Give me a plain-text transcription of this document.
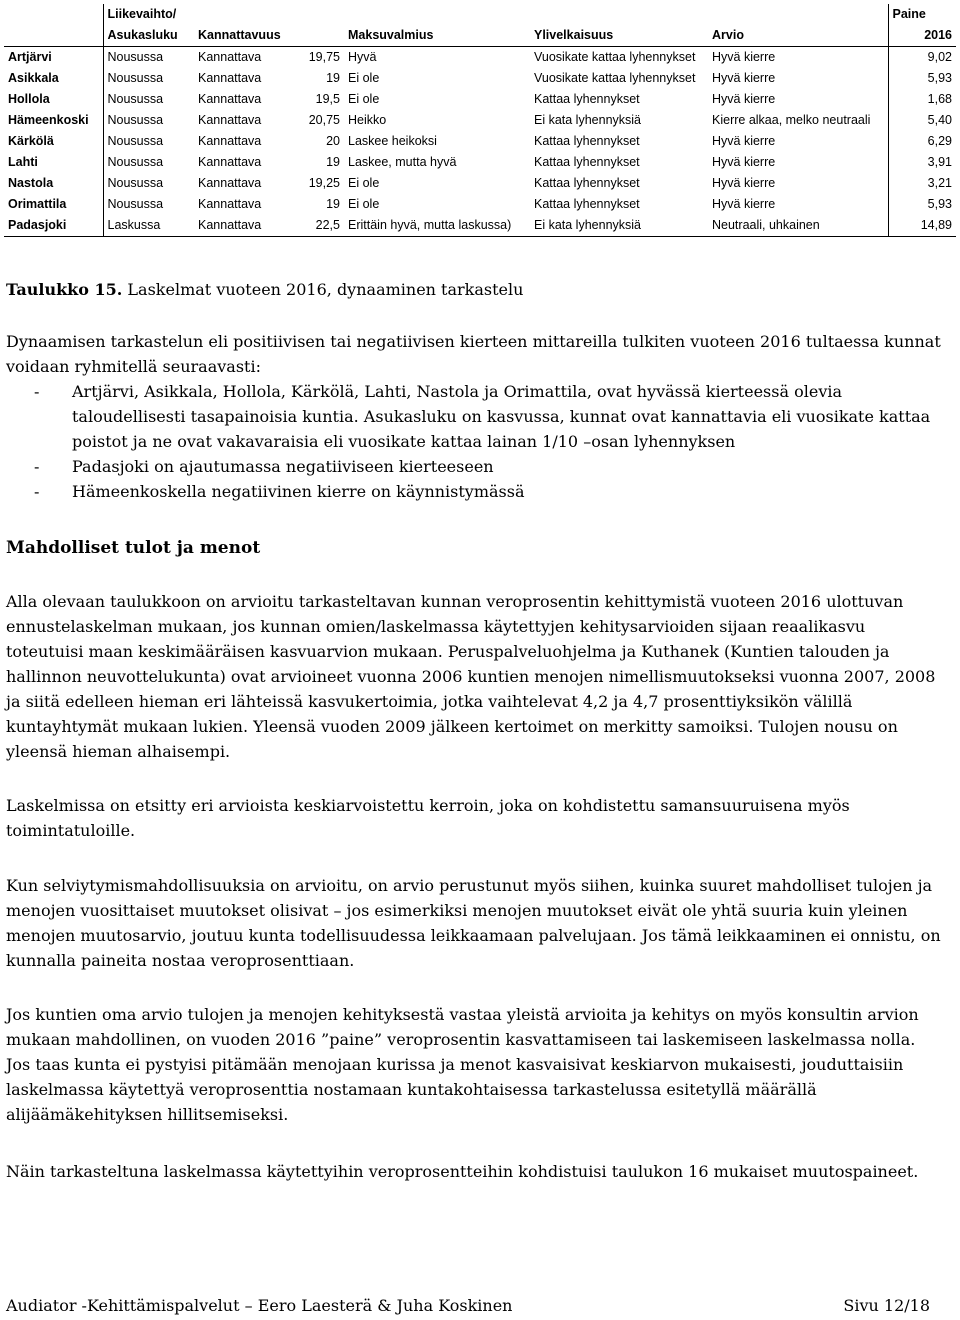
	Liikevaihto/						Paine
	Asukasluku	Kannattavuus		Maksuvalmius	Ylivelkaisuus	Arvio	2016
Artjärvi	Nousussa	Kannattava	19,75	Hyvä	Vuosikate kattaa lyhennykset	Hyvä kierre	9,02
Asikkala	Nousussa	Kannattava	19	Ei ole	Vuosikate kattaa lyhennykset	Hyvä kierre	5,93
Hollola	Nousussa	Kannattava	19,5	Ei ole	Kattaa lyhennykset	Hyvä kierre	1,68
Hämeenkoski	Nousussa	Kannattava	20,75	Heikko	Ei kata lyhennyksiä	Kierre alkaa, melko neutraali	5,40
Kärkölä	Nousussa	Kannattava	20	Laskee heikoksi	Kattaa lyhennykset	Hyvä kierre	6,29
Lahti	Nousussa	Kannattava	19	Laskee, mutta hyvä	Kattaa lyhennykset	Hyvä kierre	3,91
Nastola	Nousussa	Kannattava	19,25	Ei ole	Kattaa lyhennykset	Hyvä kierre	3,21
Orimattila	Nousussa	Kannattava	19	Ei ole	Kattaa lyhennykset	Hyvä kierre	5,93
Padasjoki	Laskussa	Kannattava	22,5	Erittäin hyvä, mutta laskussa)	Ei kata lyhennyksiä	Neutraali, uhkainen	14,89
Taulukko 15. Laskelmat vuoteen 2016, dynaaminen tarkastelu
Dynaamisen tarkastelun eli positiivisen tai negatiivisen kierteen mittareilla tulkiten vuoteen 2016 tultaessa kunnat voidaan ryhmitellä seuraavasti:
- Artjärvi, Asikkala, Hollola, Kärkölä, Lahti, Nastola ja Orimattila, ovat hyvässä kierteessä olevia taloudellisesti tasapainoisia kuntia. Asukasluku on kasvussa, kunnat ovat kannattavia eli vuosikate kattaa poistot ja ne ovat vakavaraisia eli vuosikate kattaa lainan 1/10 –osan lyhennyksen
- Padasjoki on ajautumassa negatiiviseen kierteeseen
- Hämeenkoskella negatiivinen kierre on käynnistymässä
Mahdolliset tulot ja menot
Alla olevaan taulukkoon on arvioitu tarkasteltavan kunnan veroprosentin kehittymistä vuoteen 2016 ulottuvan ennustelaskelman mukaan, jos kunnan omien/laskelmassa käytettyjen kehitysarvioiden sijaan reaalikasvu toteutuisi maan keskimääräisen kasvuarvion mukaan. Peruspalveluohjelma ja Kuthanek (Kuntien talouden ja hallinnon neuvottelukunta) ovat arvioineet vuonna 2006 kuntien menojen nimellismuutokseksi vuonna 2007, 2008 ja siitä edelleen hieman eri lähteissä kasvukertoimia, jotka vaihtelevat 4,2 ja 4,7 prosenttiyksikön välillä kuntayhtymät mukaan lukien. Yleensä vuoden 2009 jälkeen kertoimet on merkitty samoiksi. Tulojen nousu on yleensä hieman alhaisempi.
Laskelmissa on etsitty eri arvioista keskiarvoistettu kerroin, joka on kohdistettu samansuuruisena myös toimintatuloille.
Kun selviytymismahdollisuuksia on arvioitu, on arvio perustunut myös siihen, kuinka suuret mahdolliset tulojen ja menojen vuosittaiset muutokset olisivat – jos esimerkiksi menojen muutokset eivät ole yhtä suuria kuin yleinen menojen muutosarvio, joutuu kunta todellisuudessa leikkaamaan palvelujaan. Jos tämä leikkaaminen ei onnistu, on kunnalla paineita nostaa veroprosenttiaan.
Jos kuntien oma arvio tulojen ja menojen kehityksestä vastaa yleistä arvioita ja kehitys on myös konsultin arvion mukaan mahdollinen, on vuoden 2016 ”paine” veroprosentin kasvattamiseen tai laskemiseen laskelmassa nolla. Jos taas kunta ei pystyisi pitämään menojaan kurissa ja menot kasvaisivat keskiarvon mukaisesti, jouduttaisiin laskelmassa käytettyä veroprosenttia nostamaan kuntakohtaisessa tarkastelussa esitetyllä määrällä alijäämäkehityksen hillitsemiseksi.
Näin tarkasteltuna laskelmassa käytettyihin veroprosentteihin kohdistuisi taulukon 16 mukaiset muutospaineet.
Audiator -Kehittämispalvelut – Eero Laesterä & Juha Koskinen	Sivu 12/18
